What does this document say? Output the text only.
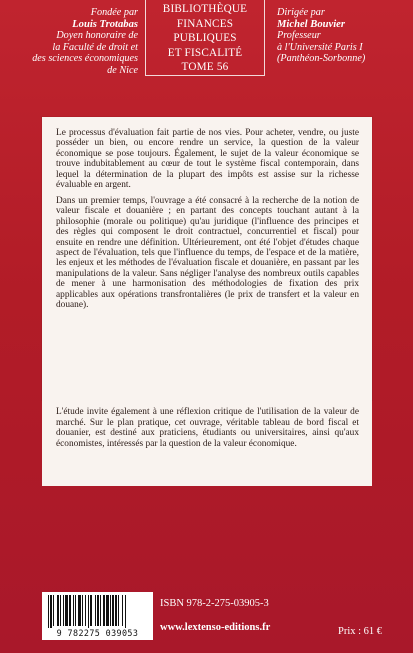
Fondée par
Louis Trotabas
Doyen honoraire de
la Faculté de droit et
des sciences économiques
de Nice
BIBLIOTHÈQUE
FINANCES PUBLIQUES
ET FISCALITÉ
TOME 56
Dirigée par
Michel Bouvier
Professeur
à l'Université Paris I
(Panthéon-Sorbonne)

Le processus d'évaluation fait partie de nos vies. Pour acheter, vendre, ou juste posséder un bien, ou encore rendre un service, la question de la valeur économique se pose toujours. Également, le sujet de la valeur économique se trouve indubitablement au cœur de tout le système fiscal contemporain, dans lequel la détermination de la plupart des impôts est assise sur la richesse évaluable en argent.

Dans un premier temps, l'ouvrage a été consacré à la recherche de la notion de valeur fiscale et douanière ; en partant des concepts touchant autant à la philosophie (morale ou politique) qu'au juridique (l'influence des principes et des règles qui composent le droit contractuel, concurrentiel et fiscal) pour ensuite en rendre une définition. Ultérieurement, ont été l'objet d'études chaque aspect de l'évaluation, tels que l'influence du temps, de l'espace et de la matière, les enjeux et les méthodes de l'évaluation fiscale et douanière, en passant par les manipulations de la valeur. Sans négliger l'analyse des nombreux outils capables de mener à une harmonisation des méthodologies de fixation des prix applicables aux opérations transfrontalières (le prix de transfert et la valeur en douane).

L'étude invite également à une réflexion critique de l'utilisation de la valeur de marché. Sur le plan pratique, cet ouvrage, véritable tableau de bord fiscal et douanier, est destiné aux praticiens, étudiants ou universitaires, ainsi qu'aux économistes, intéressés par la question de la valeur économique.

9 782275 039053
ISBN 978-2-275-03905-3
www.lextenso-editions.fr	Prix : 61 €
